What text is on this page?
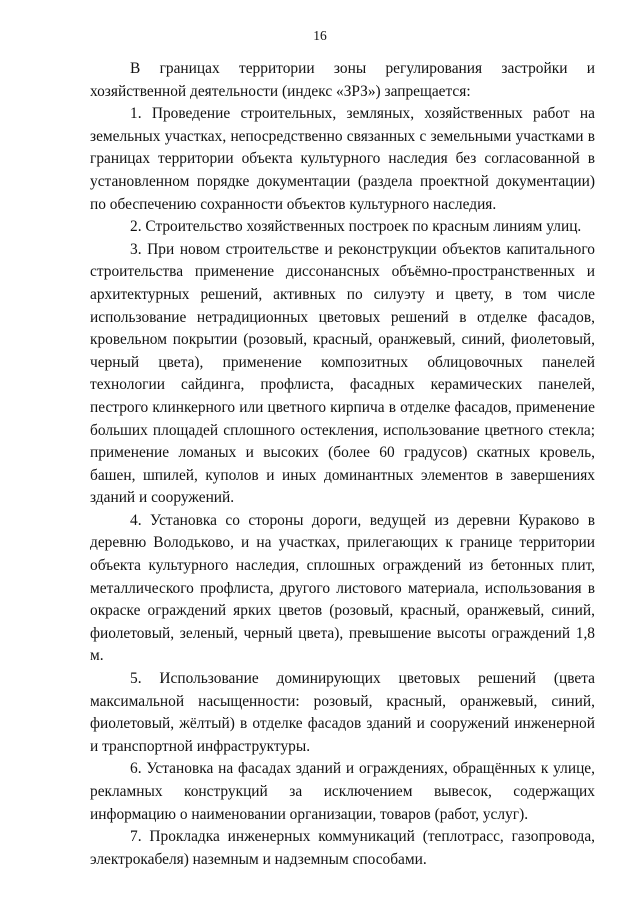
16

В границах территории зоны регулирования застройки и хозяйственной деятельности (индекс «ЗРЗ») запрещается:

1. Проведение строительных, земляных, хозяйственных работ на земельных участках, непосредственно связанных с земельными участками в границах территории объекта культурного наследия без согласованной в установленном порядке документации (раздела проектной документации) по обеспечению сохранности объектов культурного наследия.

2. Строительство хозяйственных построек по красным линиям улиц.

3. При новом строительстве и реконструкции объектов капитального строительства применение диссонансных объёмно-пространственных и архитектурных решений, активных по силуэту и цвету, в том числе использование нетрадиционных цветовых решений в отделке фасадов, кровельном покрытии (розовый, красный, оранжевый, синий, фиолетовый, черный цвета), применение композитных облицовочных панелей технологии сайдинга, профлиста, фасадных керамических панелей, пестрого клинкерного или цветного кирпича в отделке фасадов, применение больших площадей сплошного остекления, использование цветного стекла; применение ломаных и высоких (более 60 градусов) скатных кровель, башен, шпилей, куполов и иных доминантных элементов в завершениях зданий и сооружений.

4. Установка со стороны дороги, ведущей из деревни Кураково в деревню Володьково, и на участках, прилегающих к границе территории объекта культурного наследия, сплошных ограждений из бетонных плит, металлического профлиста, другого листового материала, использования в окраске ограждений ярких цветов (розовый, красный, оранжевый, синий, фиолетовый, зеленый, черный цвета), превышение высоты ограждений 1,8 м.

5. Использование доминирующих цветовых решений (цвета максимальной насыщенности: розовый, красный, оранжевый, синий, фиолетовый, жёлтый) в отделке фасадов зданий и сооружений инженерной и транспортной инфраструктуры.

6. Установка на фасадах зданий и ограждениях, обращённых к улице, рекламных конструкций за исключением вывесок, содержащих информацию о наименовании организации, товаров (работ, услуг).

7. Прокладка инженерных коммуникаций (теплотрасс, газопровода, электрокабеля) наземным и надземным способами.
